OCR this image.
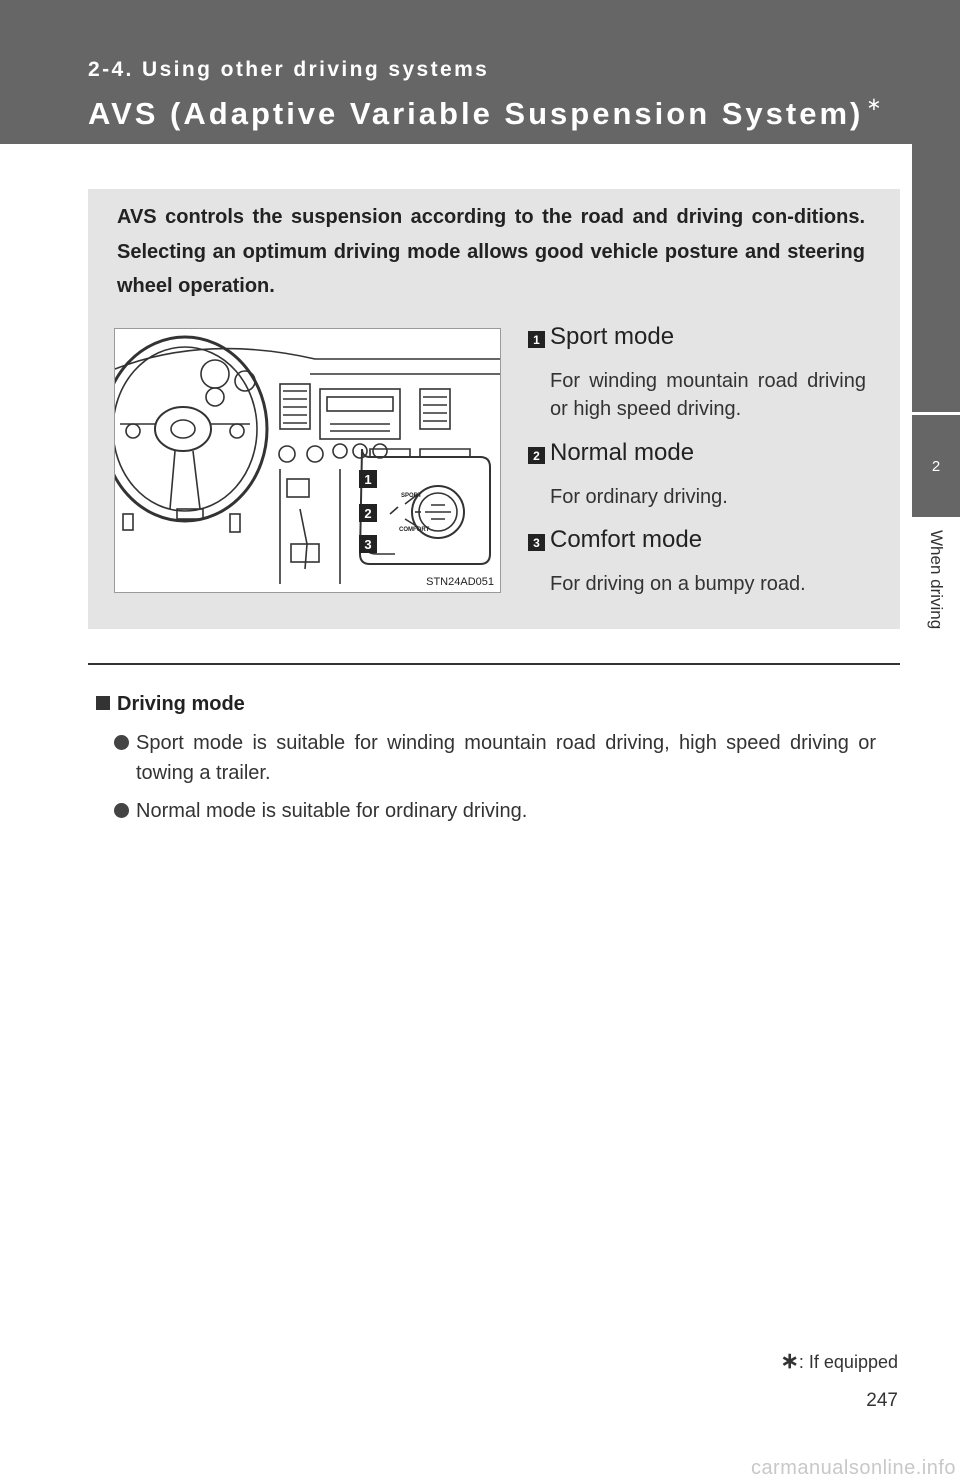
2-4. Using other driving systems
AVS (Adaptive Variable Suspension System) ∗
2
When driving
AVS controls the suspension according to the road and driving con-ditions. Selecting an optimum driving mode allows good vehicle posture and steering wheel operation.
SPORT
COMFORT
1
2
3
STN24AD051
1 Sport mode
For winding mountain road driving or high speed driving.
2 Normal mode
For ordinary driving.
3 Comfort mode
For driving on a bumpy road.
Driving mode
Sport mode is suitable for winding mountain road driving, high speed driving or towing a trailer.
Normal mode is suitable for ordinary driving.
∗: If equipped
247
carmanualsonline.info
